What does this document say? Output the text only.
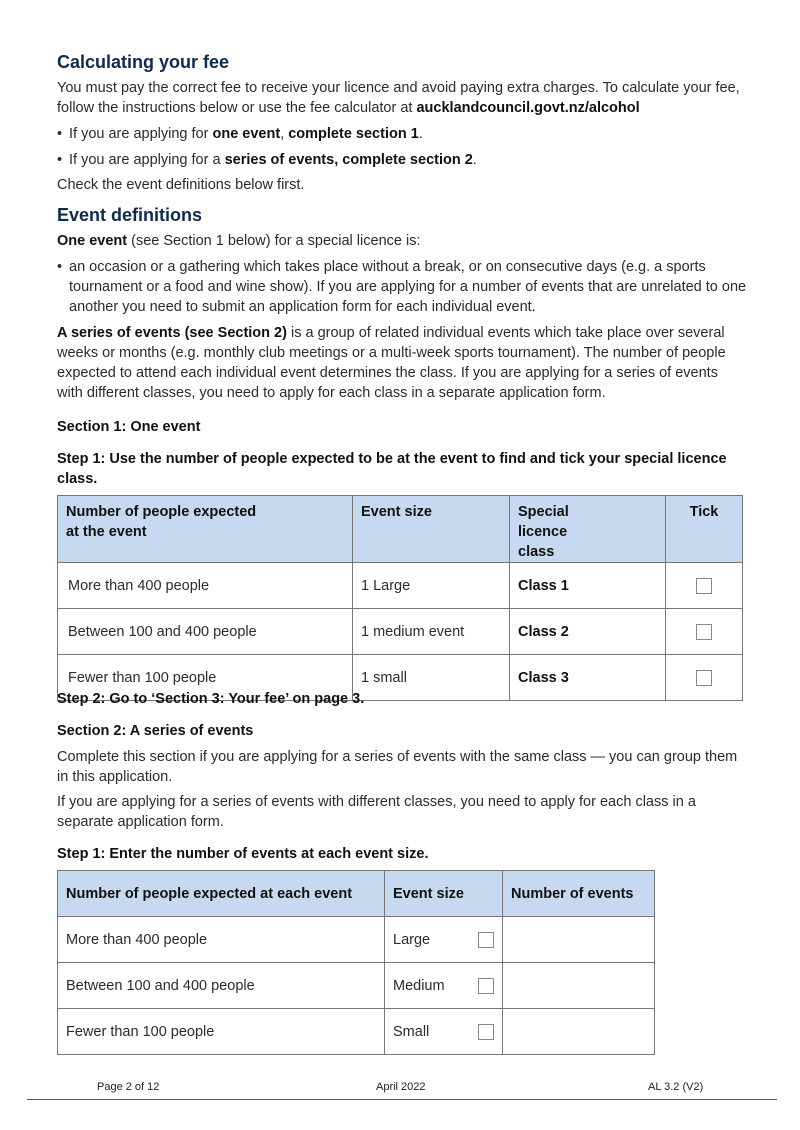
Calculating your fee
You must pay the correct fee to receive your licence and avoid paying extra charges. To calculate your fee, follow the instructions below or use the fee calculator at aucklandcouncil.govt.nz/alcohol
• If you are applying for one event, complete section 1.
• If you are applying for a series of events, complete section 2.
Check the event definitions below first.
Event definitions
One event (see Section 1 below) for a special licence is:
• an occasion or a gathering which takes place without a break, or on consecutive days (e.g. a sports tournament or a food and wine show). If you are applying for a number of events that are unrelated to one another you need to submit an application form for each individual event.
A series of events (see Section 2) is a group of related individual events which take place over several weeks or months (e.g. monthly club meetings or a multi-week sports tournament). The number of people expected to attend each individual event determines the class. If you are applying for a series of events with different classes, you need to apply for each class in a separate application form.
Section 1: One event
Step 1: Use the number of people expected to be at the event to find and tick your special licence class.
Number of people expected at the event	Event size	Special licence class	Tick
More than 400 people	1 Large	Class 1	
Between 100 and 400 people	1 medium event	Class 2	
Fewer than 100 people	1 small	Class 3	
Step 2: Go to ‘Section 3: Your fee’ on page 3.
Section 2: A series of events
Complete this section if you are applying for a series of events with the same class — you can group them in this application.
If you are applying for a series of events with different classes, you need to apply for each class in a separate application form.
Step 1: Enter the number of events at each event size.
Number of people expected at each event	Event size	Number of events
More than 400 people	Large

Between 100 and 400 people	Medium

Fewer than 100 people	Small

Page 2 of 12	April 2022	AL 3.2 (V2)
